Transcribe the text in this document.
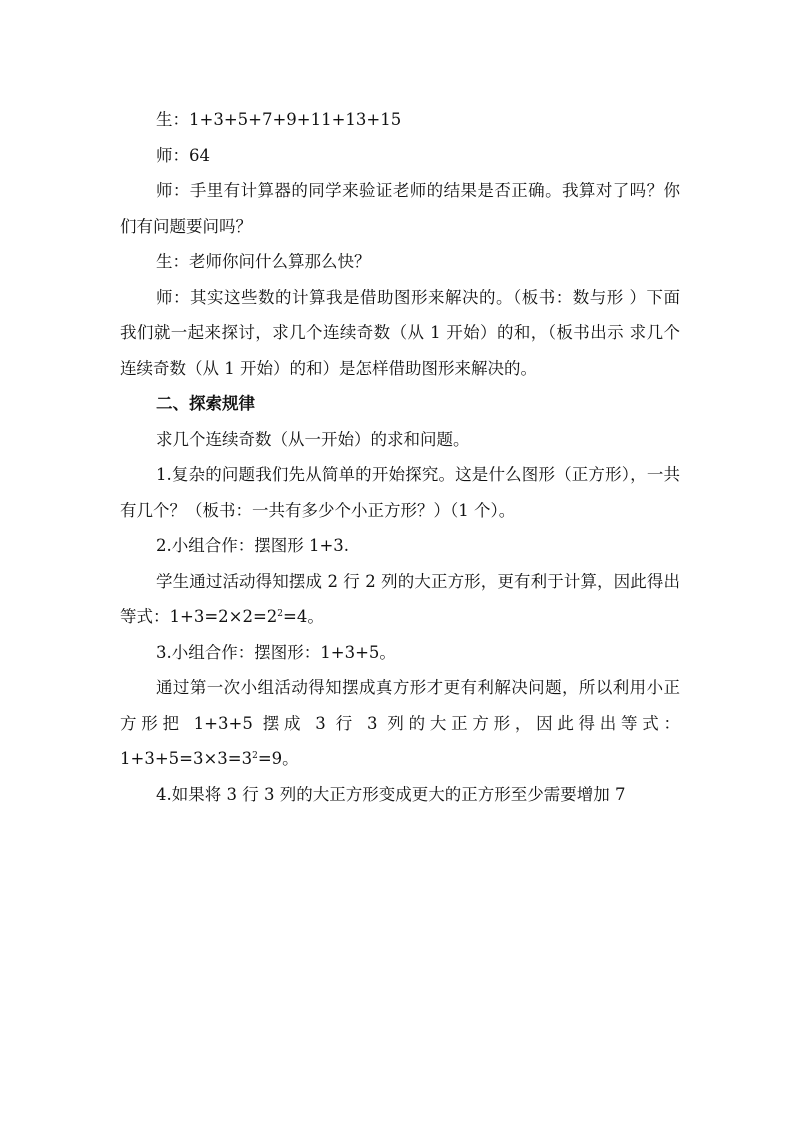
生：1+3+5+7+9+11+13+15

师：64

师：手里有计算器的同学来验证老师的结果是否正确。我算对了吗？你们有问题要问吗？

生：老师你问什么算那么快？

师：其实这些数的计算我是借助图形来解决的。（板书：数与形 ）下面我们就一起来探讨，求几个连续奇数（从 1 开始）的和，（板书出示 求几个连续奇数（从 1 开始）的和）是怎样借助图形来解决的。

二、探索规律

求几个连续奇数（从一开始）的求和问题。

1.复杂的问题我们先从简单的开始探究。这是什么图形（正方形），一共有几个？（板书：一共有多少个小正方形？）（1 个）。

2.小组合作：摆图形 1+3.

学生通过活动得知摆成 2 行 2 列的大正方形，更有利于计算，因此得出等式：$1+3=2\times 2=2^2=4$。

3.小组合作：摆图形：1+3+5。

通过第一次小组活动得知摆成真方形才更有利解决问题，所以利用小正方形把 1+3+5 摆成 3 行 3 列的大正方形，因此得出等式：$1+3+5=3\times 3=3^2=9$。

4.如果将 3 行 3 列的大正方形变成更大的正方形至少需要增加 7
